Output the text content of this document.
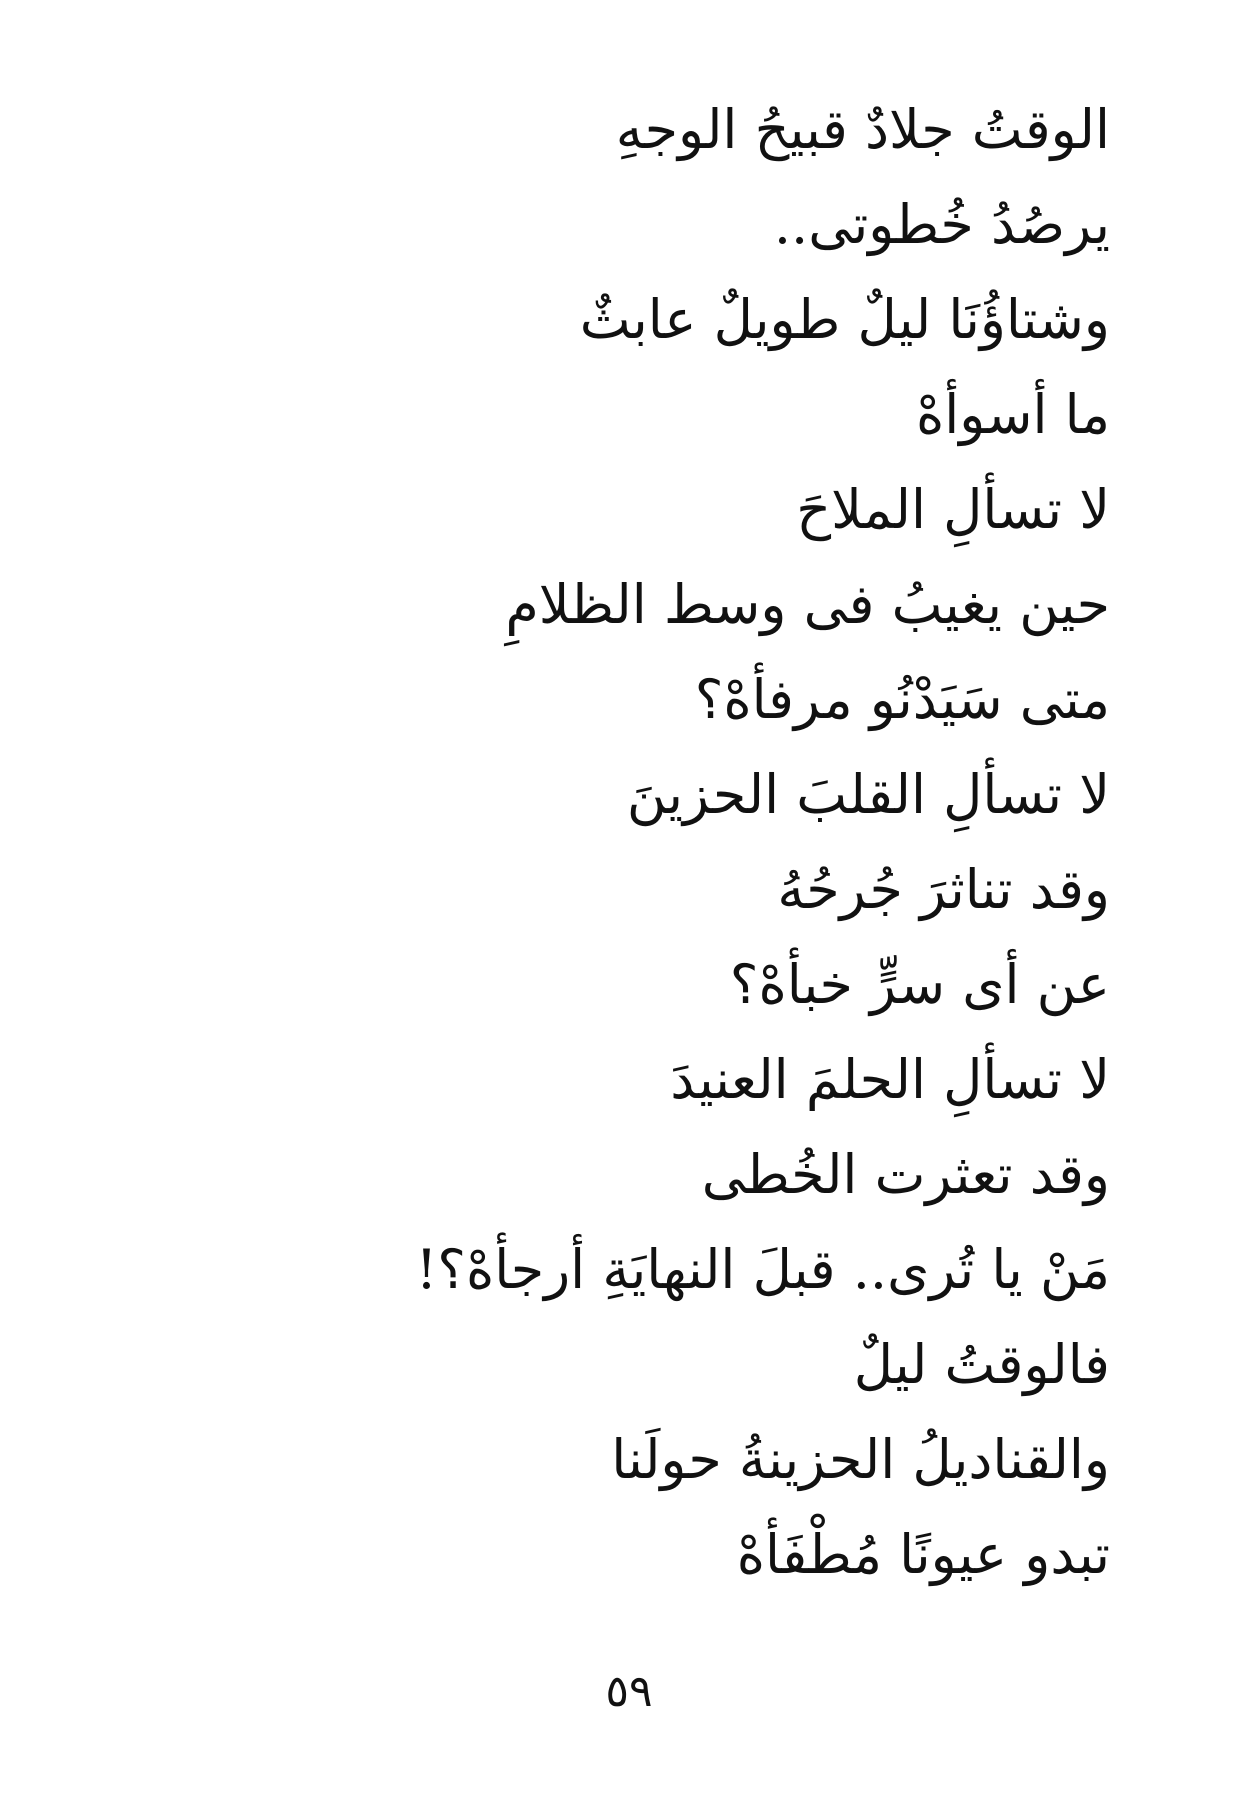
الوقتُ جلادٌ قبيحُ الوجهِ
يرصُدُ خُطوتى..
وشتاؤُنَا ليلٌ طويلٌ عابثٌ
ما أسوأهْ
لا تسألِ الملاحَ
حين يغيبُ فى وسط الظلامِ
متى سَيَدْنُو مرفأهْ؟
لا تسألِ القلبَ الحزينَ
وقد تناثرَ جُرحُهُ
عن أى سرٍّ خبأهْ؟
لا تسألِ الحلمَ العنيدَ
وقد تعثرت الخُطى
مَنْ يا تُرى.. قبلَ النهايَةِ أرجأهْ؟!
فالوقتُ ليلٌ
والقناديلُ الحزينةُ حولَنا
تبدو عيونًا مُطْفَأهْ
٥٩
